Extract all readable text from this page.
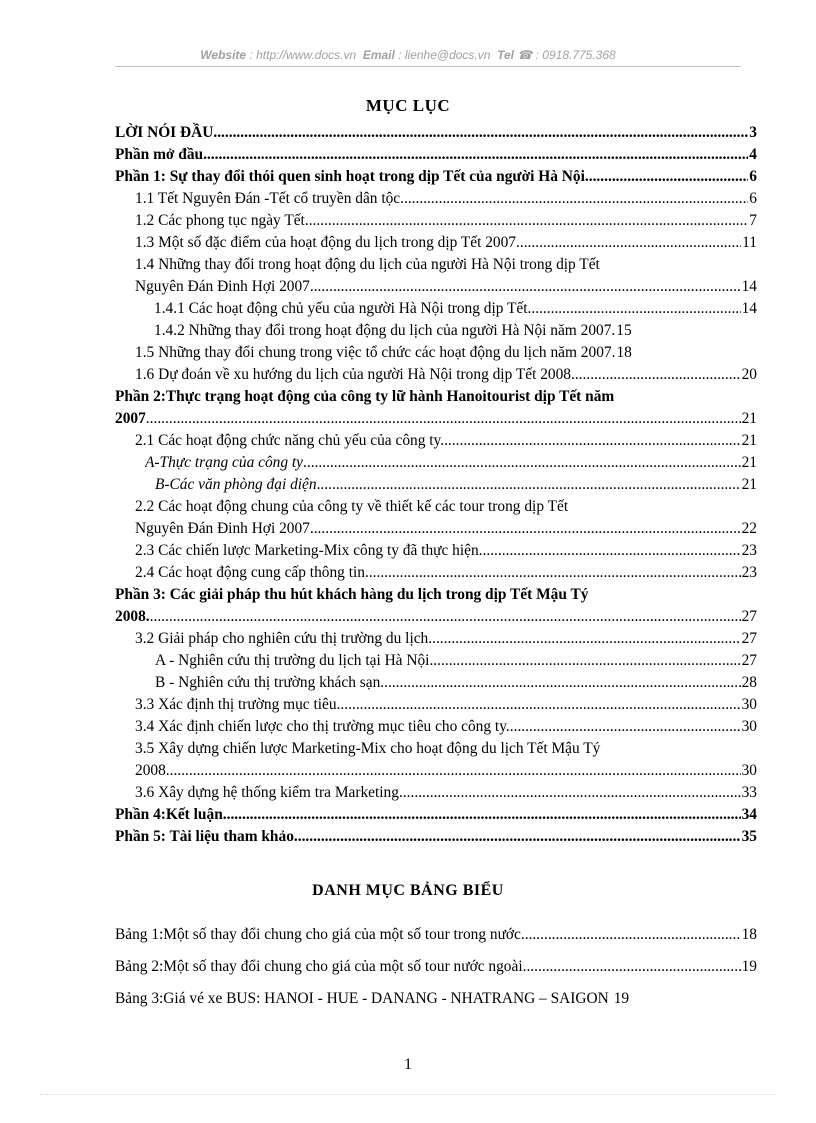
Website : http://www.docs.vn Email : lienhe@docs.vn Tel ☎ : 0918.775.368
MỤC LỤC
LỜI NÓI ĐẦU .....	3
Phần mở đầu .....	4
Phần 1: Sự thay đổi thói quen sinh hoạt trong dịp Tết của người Hà Nội. .....	6
1.1 Tết Nguyên Đán -Tết cổ truyền dân tộc .....	6
1.2 Các phong tục ngày Tết. .....	7
1.3 Một số đặc điểm của hoạt động du lịch trong dịp Tết 2007 .....	11
1.4 Những thay đổi trong hoạt động du lịch của người Hà Nội trong dịp Tết
Nguyên Đán Đinh Hợi 2007. .....	14
1.4.1 Các hoạt động chủ yếu của người Hà Nội trong dịp Tết. .....	14
1.4.2 Những thay đổi trong hoạt động du lịch của người Hà Nội năm 2007. 15
1.5 Những thay đổi chung trong việc tổ chức các hoạt động du lịch năm 2007. 18
1.6 Dự đoán về xu hướng du lịch của người Hà Nội trong dịp Tết 2008. .....	20
Phần 2:Thực trạng hoạt động của công ty lữ hành Hanoitourist dịp Tết năm
2007 .....	21
2.1 Các hoạt động chức năng chủ yếu của công ty. .....	21
A-Thực trạng của công ty .....	21
B-Các văn phòng đại diện .....	21
2.2 Các hoạt động chung của công ty về thiết kế các tour trong dịp Tết
Nguyên Đán Đinh Hợi 2007. .....	22
2.3 Các chiến lược Marketing-Mix công ty đã thực hiện. .....	23
2.4 Các hoạt động cung cấp thông tin. .....	23
Phần 3: Các giải pháp thu hút khách hàng du lịch trong dịp Tết Mậu Tý
2008. .....	27
3.2 Giải pháp cho nghiên cứu thị trường du lịch. .....	27
A - Nghiên cứu thị trường du lịch tại Hà Nội. .....	27
B - Nghiên cứu thị trường khách sạn. .....	28
3.3 Xác định thị trường mục tiêu. .....	30
3.4 Xác định chiến lược cho thị trường mục tiêu cho công ty. .....	30
3.5 Xây dựng chiến lược Marketing-Mix cho hoạt động du lịch Tết Mậu Tý
2008. .....	30
3.6 Xây dựng hệ thống kiểm tra Marketing. .....	33
Phần 4:Kết luận .....	34
Phần 5: Tài liệu tham khảo .....	35
DANH MỤC BẢNG BIỂU
Bảng 1:Một số thay đổi chung cho giá của một số tour trong nước .....	18
Bảng 2:Một số thay đổi chung cho giá của một số tour nước ngoài .....	19
Bảng 3:Giá vé xe BUS: HANOI - HUE - DANANG - NHATRANG – SAIGON 19
1
